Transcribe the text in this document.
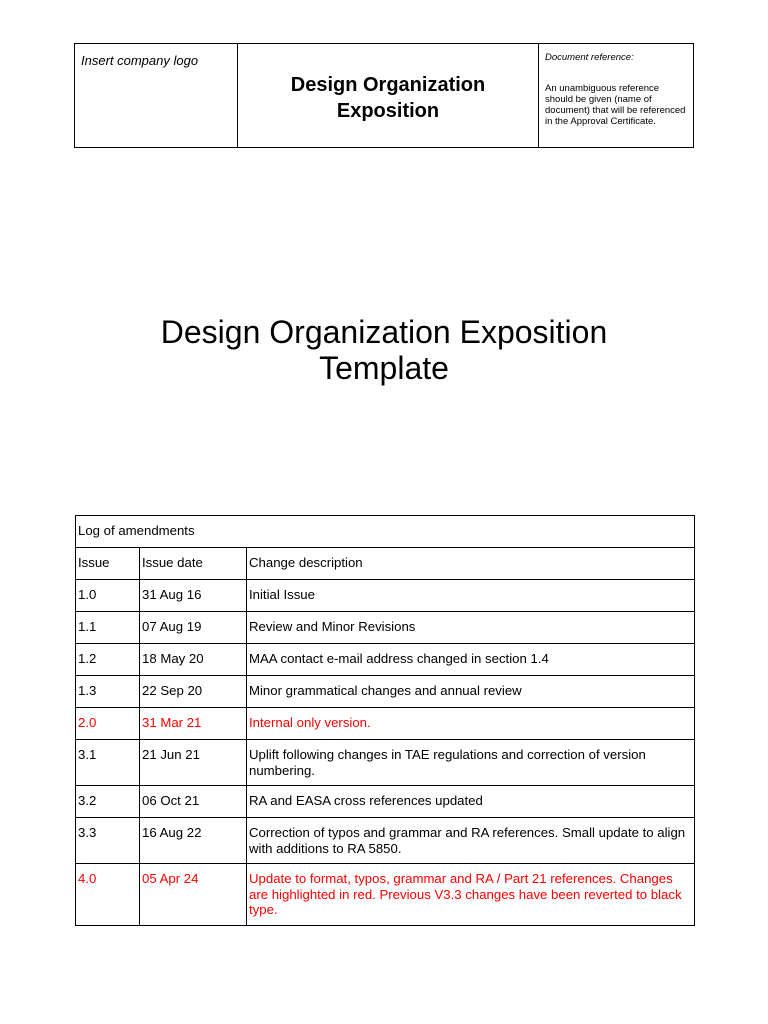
Insert company logo
Design Organization
Exposition
Document reference:
An unambiguous reference should be given (name of document) that will be referenced in the Approval Certificate.
Design Organization Exposition
Template
Log of amendments		
Issue	Issue date	Change description
1.0	31 Aug 16	Initial Issue
1.1	07 Aug 19	Review and Minor Revisions
1.2	18 May 20	MAA contact e-mail address changed in section 1.4
1.3	22 Sep 20	Minor grammatical changes and annual review
2.0	31 Mar 21	Internal only version.
3.1	21 Jun 21	Uplift following changes in TAE regulations and correction of version numbering.
3.2	06 Oct 21	RA and EASA cross references updated
3.3	16 Aug 22	Correction of typos and grammar and RA references. Small update to align with additions to RA 5850.
4.0	05 Apr 24	Update to format, typos, grammar and RA / Part 21 references. Changes are highlighted in red. Previous V3.3 changes have been reverted to black type.
